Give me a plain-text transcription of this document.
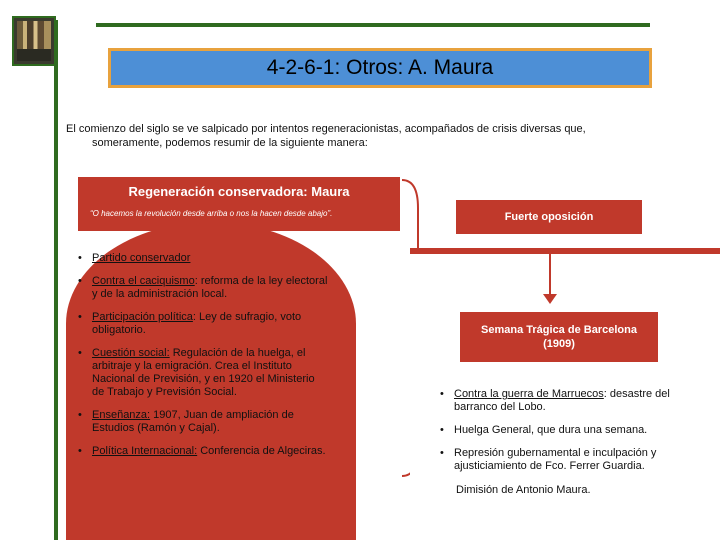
4-2-6-1: Otros: A. Maura
El comienzo del siglo se ve salpicado por intentos regeneracionistas, acompañados de crisis diversas que,
someramente, podemos resumir de la siguiente manera:
Regeneración conservadora: Maura
“O hacemos la revolución desde arriba o nos la hacen desde abajo”.
• Partido conservador
• Contra el caciquismo: reforma de la ley electoral y de la administración local.
• Participación política: Ley de sufragio, voto obligatorio.
• Cuestión social: Regulación de la huelga, el arbitraje y la emigración. Crea el Instituto Nacional de Previsión, y en 1920 el Ministerio de Trabajo y Previsión Social.
• Enseñanza: 1907, Juan de ampliación de Estudios (Ramón y Cajal).
• Política Internacional: Conferencia de Algeciras.
Fuerte oposición
(radicales y anarquistas)
Semana Trágica de Barcelona
(1909)
• Contra la guerra de Marruecos: desastre del barranco del Lobo.
• Huelga General, que dura una semana.
• Represión gubernamental e inculpación y ajusticiamiento de Fco. Ferrer Guardia.
Dimisión de Antonio Maura.
